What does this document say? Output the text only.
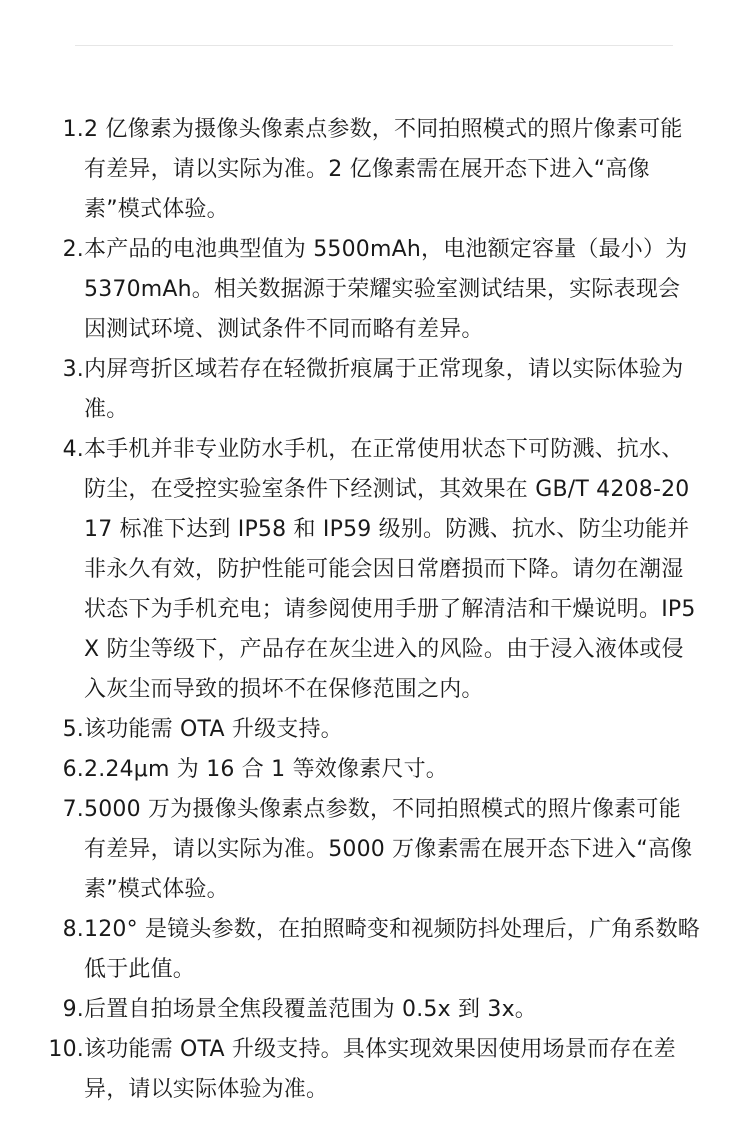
1. 2 亿像素为摄像头像素点参数，不同拍照模式的照片像素可能有差异，请以实际为准。2 亿像素需在展开态下进入“高像素”模式体验。
2. 本产品的电池典型值为 5500mAh，电池额定容量（最小）为 5370mAh。相关数据源于荣耀实验室测试结果，实际表现会因测试环境、测试条件不同而略有差异。
3. 内屏弯折区域若存在轻微折痕属于正常现象，请以实际体验为准。
4. 本手机并非专业防水手机，在正常使用状态下可防溅、抗水、防尘，在受控实验室条件下经测试，其效果在 GB/T 4208-2017 标准下达到 IP58 和 IP59 级别。防溅、抗水、防尘功能并非永久有效，防护性能可能会因日常磨损而下降。请勿在潮湿状态下为手机充电；请参阅使用手册了解清洁和干燥说明。IP5X 防尘等级下，产品存在灰尘进入的风险。由于浸入液体或侵入灰尘而导致的损坏不在保修范围之内。
5. 该功能需 OTA 升级支持。
6. 2.24μm 为 16 合 1 等效像素尺寸。
7. 5000 万为摄像头像素点参数，不同拍照模式的照片像素可能有差异，请以实际为准。5000 万像素需在展开态下进入“高像素”模式体验。
8. 120° 是镜头参数，在拍照畸变和视频防抖处理后，广角系数略低于此值。
9. 后置自拍场景全焦段覆盖范围为 0.5x 到 3x。
10. 该功能需 OTA 升级支持。具体实现效果因使用场景而存在差异，请以实际体验为准。
